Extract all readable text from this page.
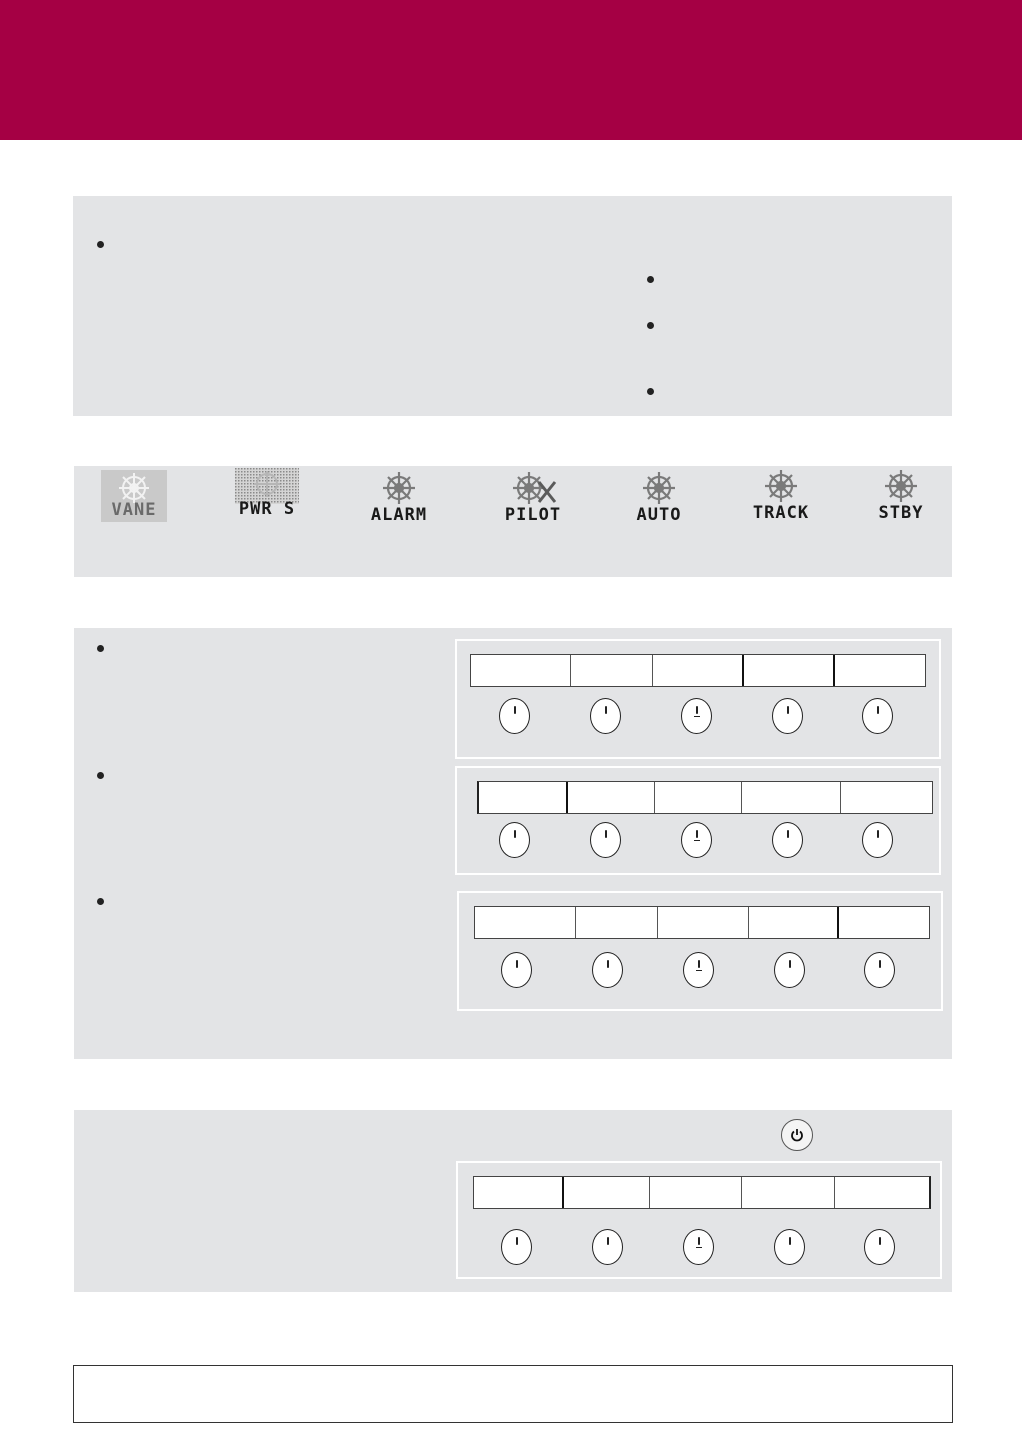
VANE	PWR S	ALARM	PILOT	AUTO	TRACK	STBY
